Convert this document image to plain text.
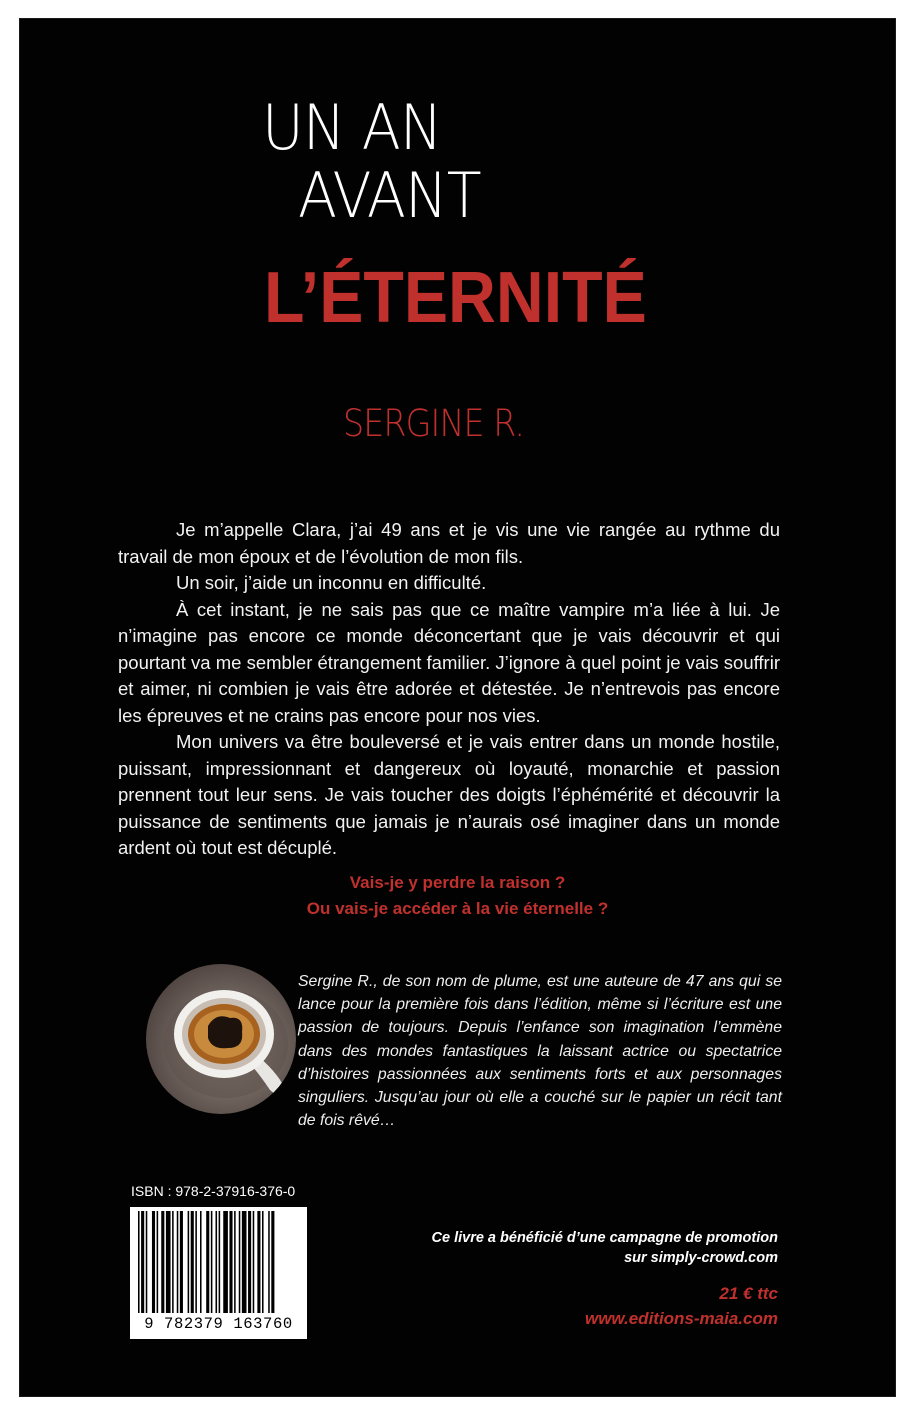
UN AN
AVANT
L’ÉTERNITÉ
SERGINE R.

Je m’appelle Clara, j’ai 49 ans et je vis une vie rangée au rythme du travail de mon époux et de l’évolution de mon fils.

Un soir, j’aide un inconnu en difficulté.

À cet instant, je ne sais pas que ce maître vampire m’a liée à lui. Je n’imagine pas encore ce monde déconcertant que je vais découvrir et qui pourtant va me sembler étrangement familier. J’ignore à quel point je vais souffrir et aimer, ni combien je vais être adorée et détestée. Je n’entrevois pas encore les épreuves et ne crains pas encore pour nos vies.

Mon univers va être bouleversé et je vais entrer dans un monde hostile, puissant, impressionnant et dangereux où loyauté, monarchie et passion prennent tout leur sens. Je vais toucher des doigts l’éphémérité et découvrir la puissance de sentiments que jamais je n’aurais osé imaginer dans un monde ardent où tout est décuplé.

Vais-je y perdre la raison ?
Ou vais-je accéder à la vie éternelle ?
Sergine R., de son nom de plume, est une auteure de 47 ans qui se lance pour la première fois dans l’édition, même si l’écriture est une passion de toujours. Depuis l’enfance son imagination l’emmène dans des mondes fantastiques la laissant actrice ou spectatrice d’histoires passionnées aux sentiments forts et aux personnages singuliers. Jusqu’au jour où elle a couché sur le papier un récit tant de fois rêvé…
ISBN : 978-2-37916-376-0
9 782379 163760
Ce livre a bénéficié d’une campagne de promotion
sur simply-crowd.com
21 € ttc
www.editions-maia.com
